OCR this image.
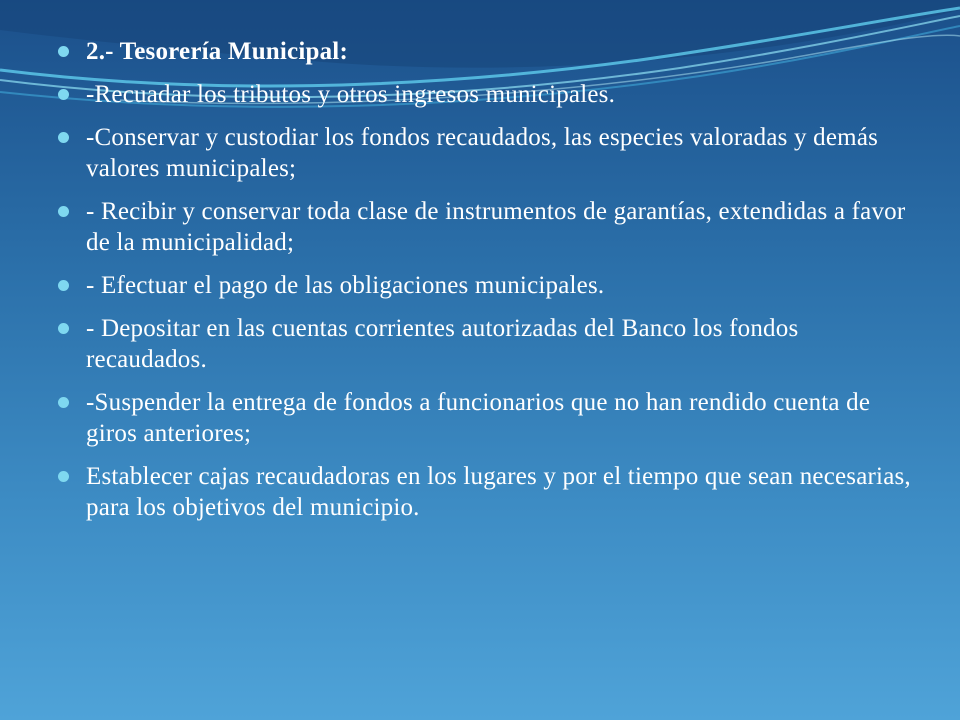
2.- Tesorería Municipal:
-Recuadar los tributos y otros ingresos municipales.
-Conservar y custodiar los fondos recaudados, las especies valoradas y demás valores municipales;
- Recibir y conservar toda clase de instrumentos de garantías, extendidas a favor de la municipalidad;
- Efectuar el pago de las obligaciones municipales.
- Depositar en las cuentas corrientes autorizadas del Banco los fondos recaudados.
-Suspender la entrega de fondos a funcionarios que no han rendido cuenta de giros anteriores;
Establecer cajas recaudadoras en los lugares y por el tiempo que sean necesarias, para los objetivos del municipio.
